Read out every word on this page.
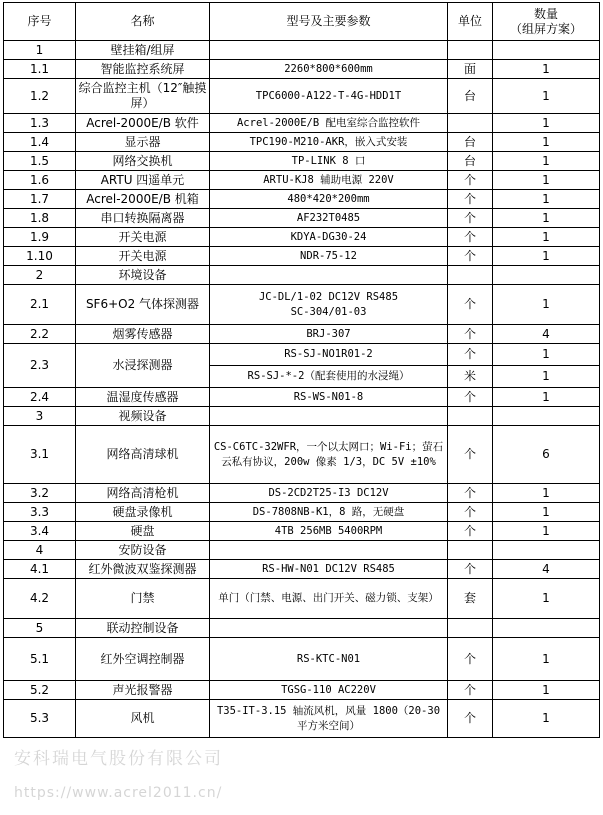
序号	名称	型号及主要参数	单位	数量
（组屏方案）
1	壁挂箱/组屏			
1.1	智能监控系统屏	2260*800*600mm	面	1
1.2	综合监控主机（12″触摸屏）	TPC6000-A122-T-4G-HDD1T	台	1
1.3	Acrel-2000E/B 软件	Acrel-2000E/B 配电室综合监控软件		1
1.4	显示器	TPC190-M210-AKR，嵌入式安装	台	1
1.5	网络交换机	TP-LINK 8 口	台	1
1.6	ARTU 四遥单元	ARTU-KJ8 辅助电源 220V	个	1
1.7	Acrel-2000E/B 机箱	480*420*200mm	个	1
1.8	串口转换隔离器	AF232T0485	个	1
1.9	开关电源	KDYA-DG30-24	个	1
1.10	开关电源	NDR-75-12	个	1
2	环境设备			
2.1	SF6+O2 气体探测器	JC-DL/1-02 DC12V RS485
SC-304/01-03	个	1
2.2	烟雾传感器	BRJ-307	个	4
2.3	水浸探测器	RS-SJ-NO1R01-2	个	1
		RS-SJ-*-2（配套使用的水浸绳）	米	1
2.4	温湿度传感器	RS-WS-N01-8	个	1
3	视频设备			
3.1	网络高清球机	CS-C6TC-32WFR，一个以太网口；Wi-Fi；萤石云私有协议，200w 像素 1/3，DC 5V ±10%	个	6
3.2	网络高清枪机	DS-2CD2T25-I3 DC12V	个	1
3.3	硬盘录像机	DS-7808NB-K1，8 路，无硬盘	个	1
3.4	硬盘	4TB 256MB 5400RPM	个	1
4	安防设备			
4.1	红外微波双鉴探测器	RS-HW-N01 DC12V RS485	个	4
4.2	门禁	单门（门禁、电源、出门开关、磁力锁、支架）	套	1
5	联动控制设备			
5.1	红外空调控制器	RS-KTC-N01	个	1
5.2	声光报警器	TGSG-110 AC220V	个	1
5.3	风机	T35-IT-3.15 轴流风机，风量 1800（20-30 平方米空间）	个	1
安科瑞电气股份有限公司
https://www.acrel2011.cn/
